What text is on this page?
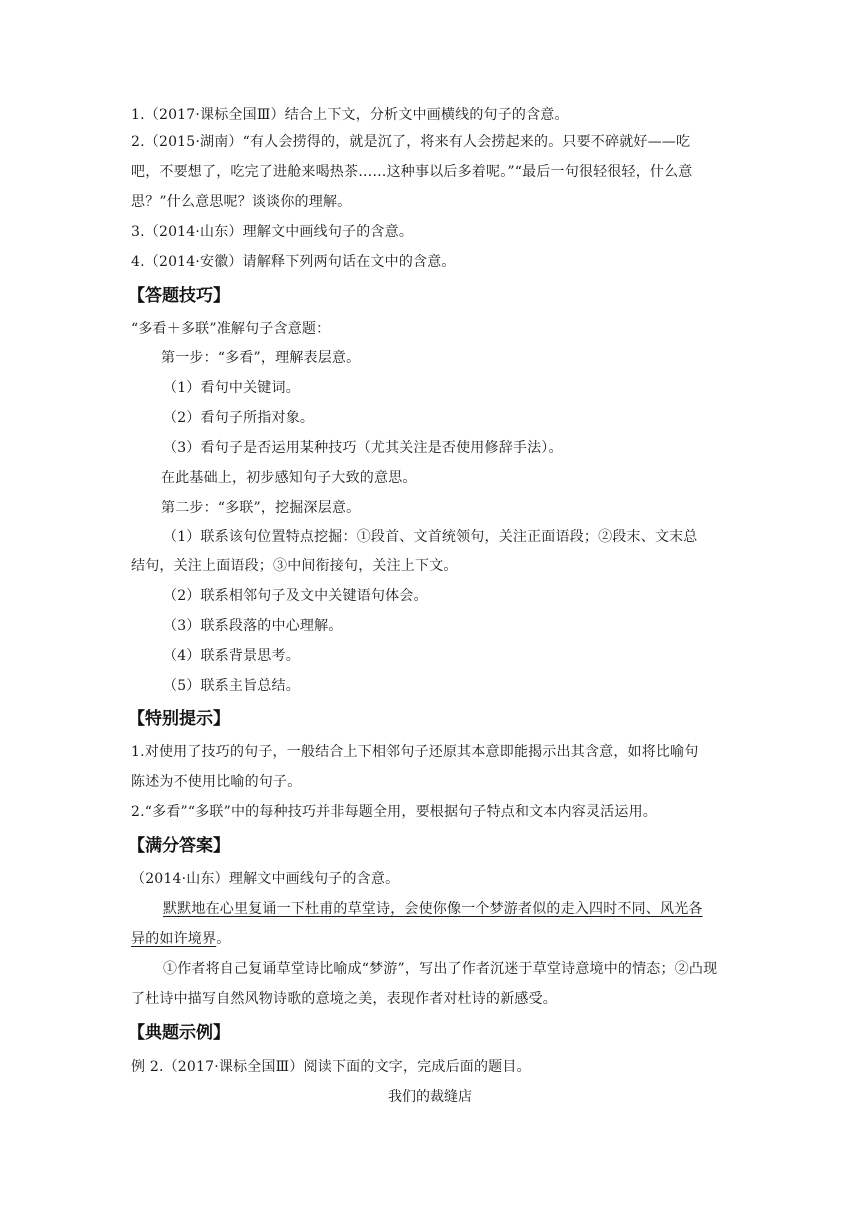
1.（2017·课标全国Ⅲ）结合上下文，分析文中画横线的句子的含意。
2.（2015·湖南）“有人会捞得的，就是沉了，将来有人会捞起来的。只要不碎就好——吃
吧，不要想了，吃完了进舱来喝热茶……这种事以后多着呢。”“最后一句很轻很轻，什么意
思？”什么意思呢？谈谈你的理解。
3.（2014·山东）理解文中画线句子的含意。
4.（2014·安徽）请解释下列两句话在文中的含意。
【答题技巧】
“多看＋多联”准解句子含意题：
第一步：“多看”，理解表层意。
（1）看句中关键词。
（2）看句子所指对象。
（3）看句子是否运用某种技巧（尤其关注是否使用修辞手法）。
在此基础上，初步感知句子大致的意思。
第二步：“多联”，挖掘深层意。
（1）联系该句位置特点挖掘：①段首、文首统领句，关注正面语段；②段末、文末总
结句，关注上面语段；③中间衔接句，关注上下文。
（2）联系相邻句子及文中关键语句体会。
（3）联系段落的中心理解。
（4）联系背景思考。
（5）联系主旨总结。
【特别提示】
1.对使用了技巧的句子，一般结合上下相邻句子还原其本意即能揭示出其含意，如将比喻句
陈述为不使用比喻的句子。
2.“多看”“多联”中的每种技巧并非每题全用，要根据句子特点和文本内容灵活运用。
【满分答案】
（2014·山东）理解文中画线句子的含意。
默默地在心里复诵一下杜甫的草堂诗，会使你像一个梦游者似的走入四时不同、风光各
异的如许境界。
①作者将自己复诵草堂诗比喻成“梦游”，写出了作者沉迷于草堂诗意境中的情态；②凸现
了杜诗中描写自然风物诗歌的意境之美，表现作者对杜诗的新感受。
【典题示例】
例 2.（2017·课标全国Ⅲ）阅读下面的文字，完成后面的题目。
我们的裁缝店
